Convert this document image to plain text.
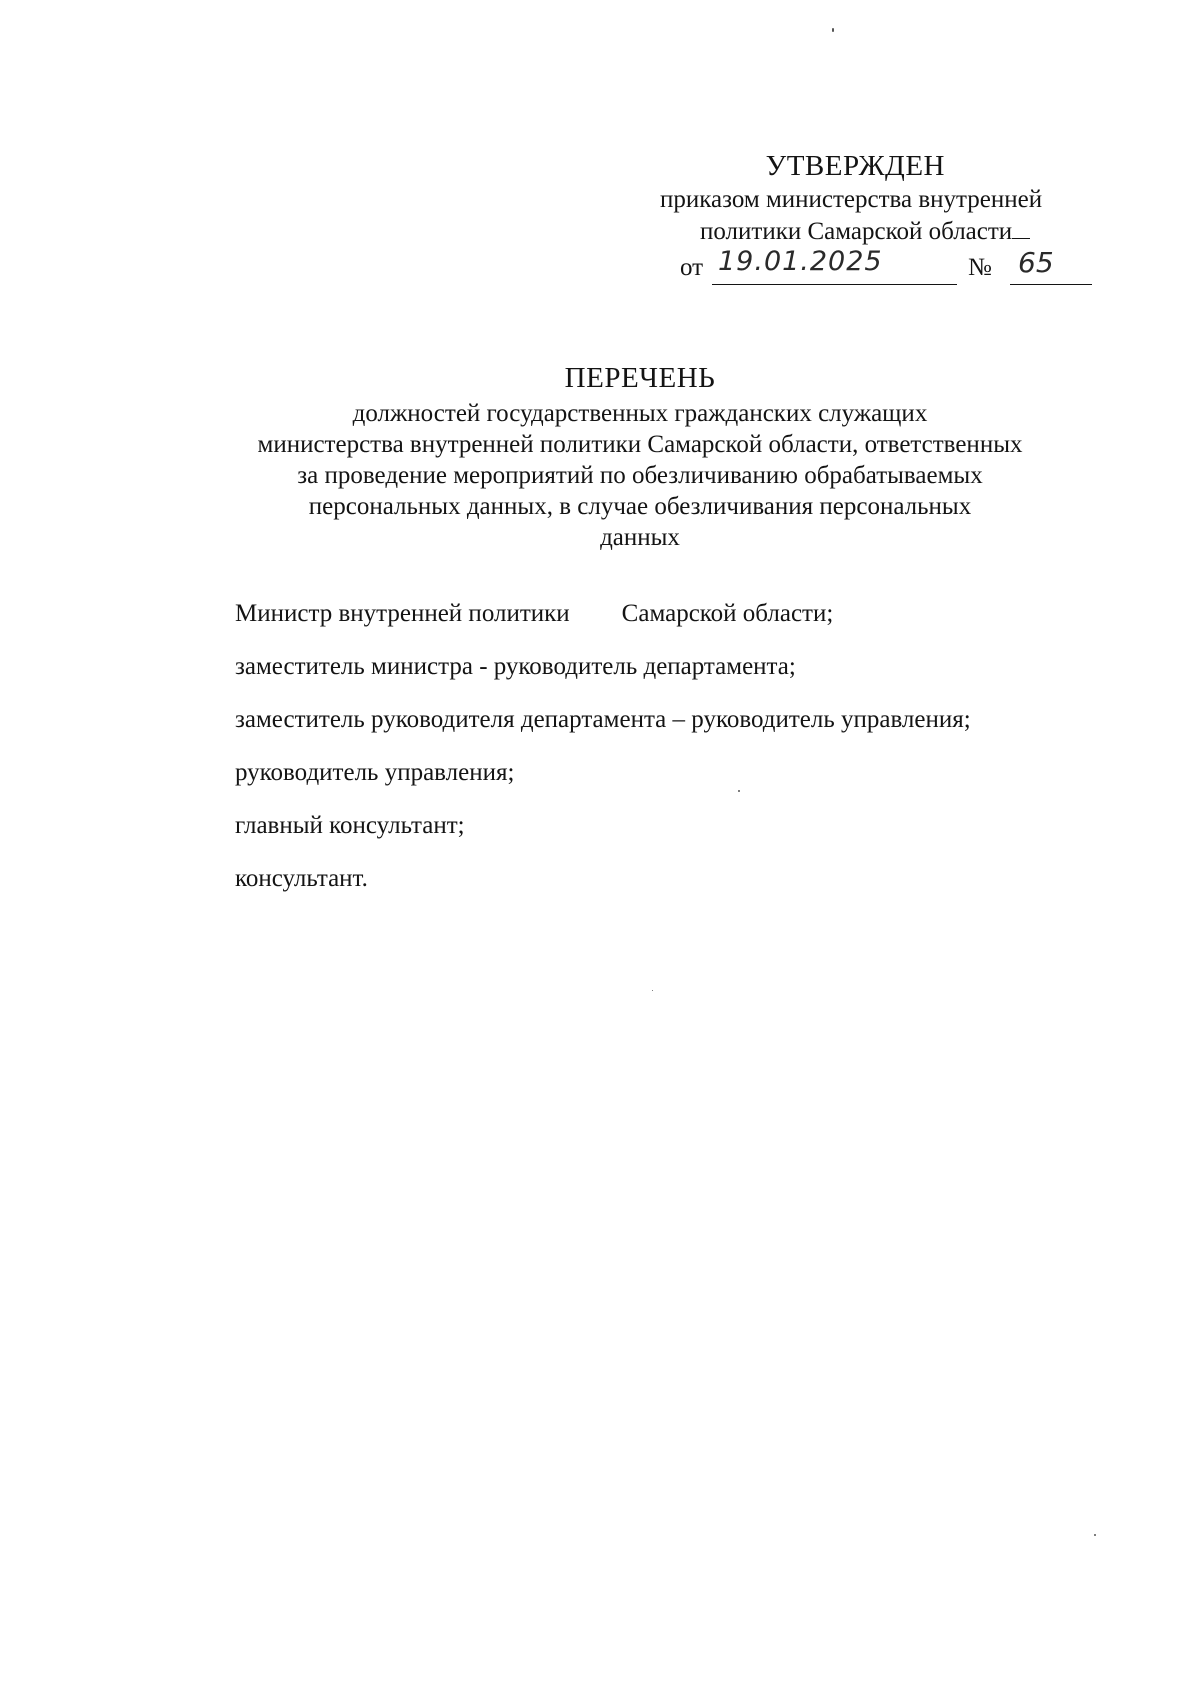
УТВЕРЖДЕН
приказом министерства внутренней
политики Самарской области
от 19.01.2025	№ 65
ПЕРЕЧЕНЬ
должностей государственных гражданских служащих
министерства внутренней политики Самарской области, ответственных
за проведение мероприятий по обезличиванию обрабатываемых
персональных данных, в случае обезличивания персональных
данных
Министр внутренней политики Самарской области;
заместитель министра - руководитель департамента;
заместитель руководителя департамента – руководитель управления;
руководитель управления;
главный консультант;
консультант.
